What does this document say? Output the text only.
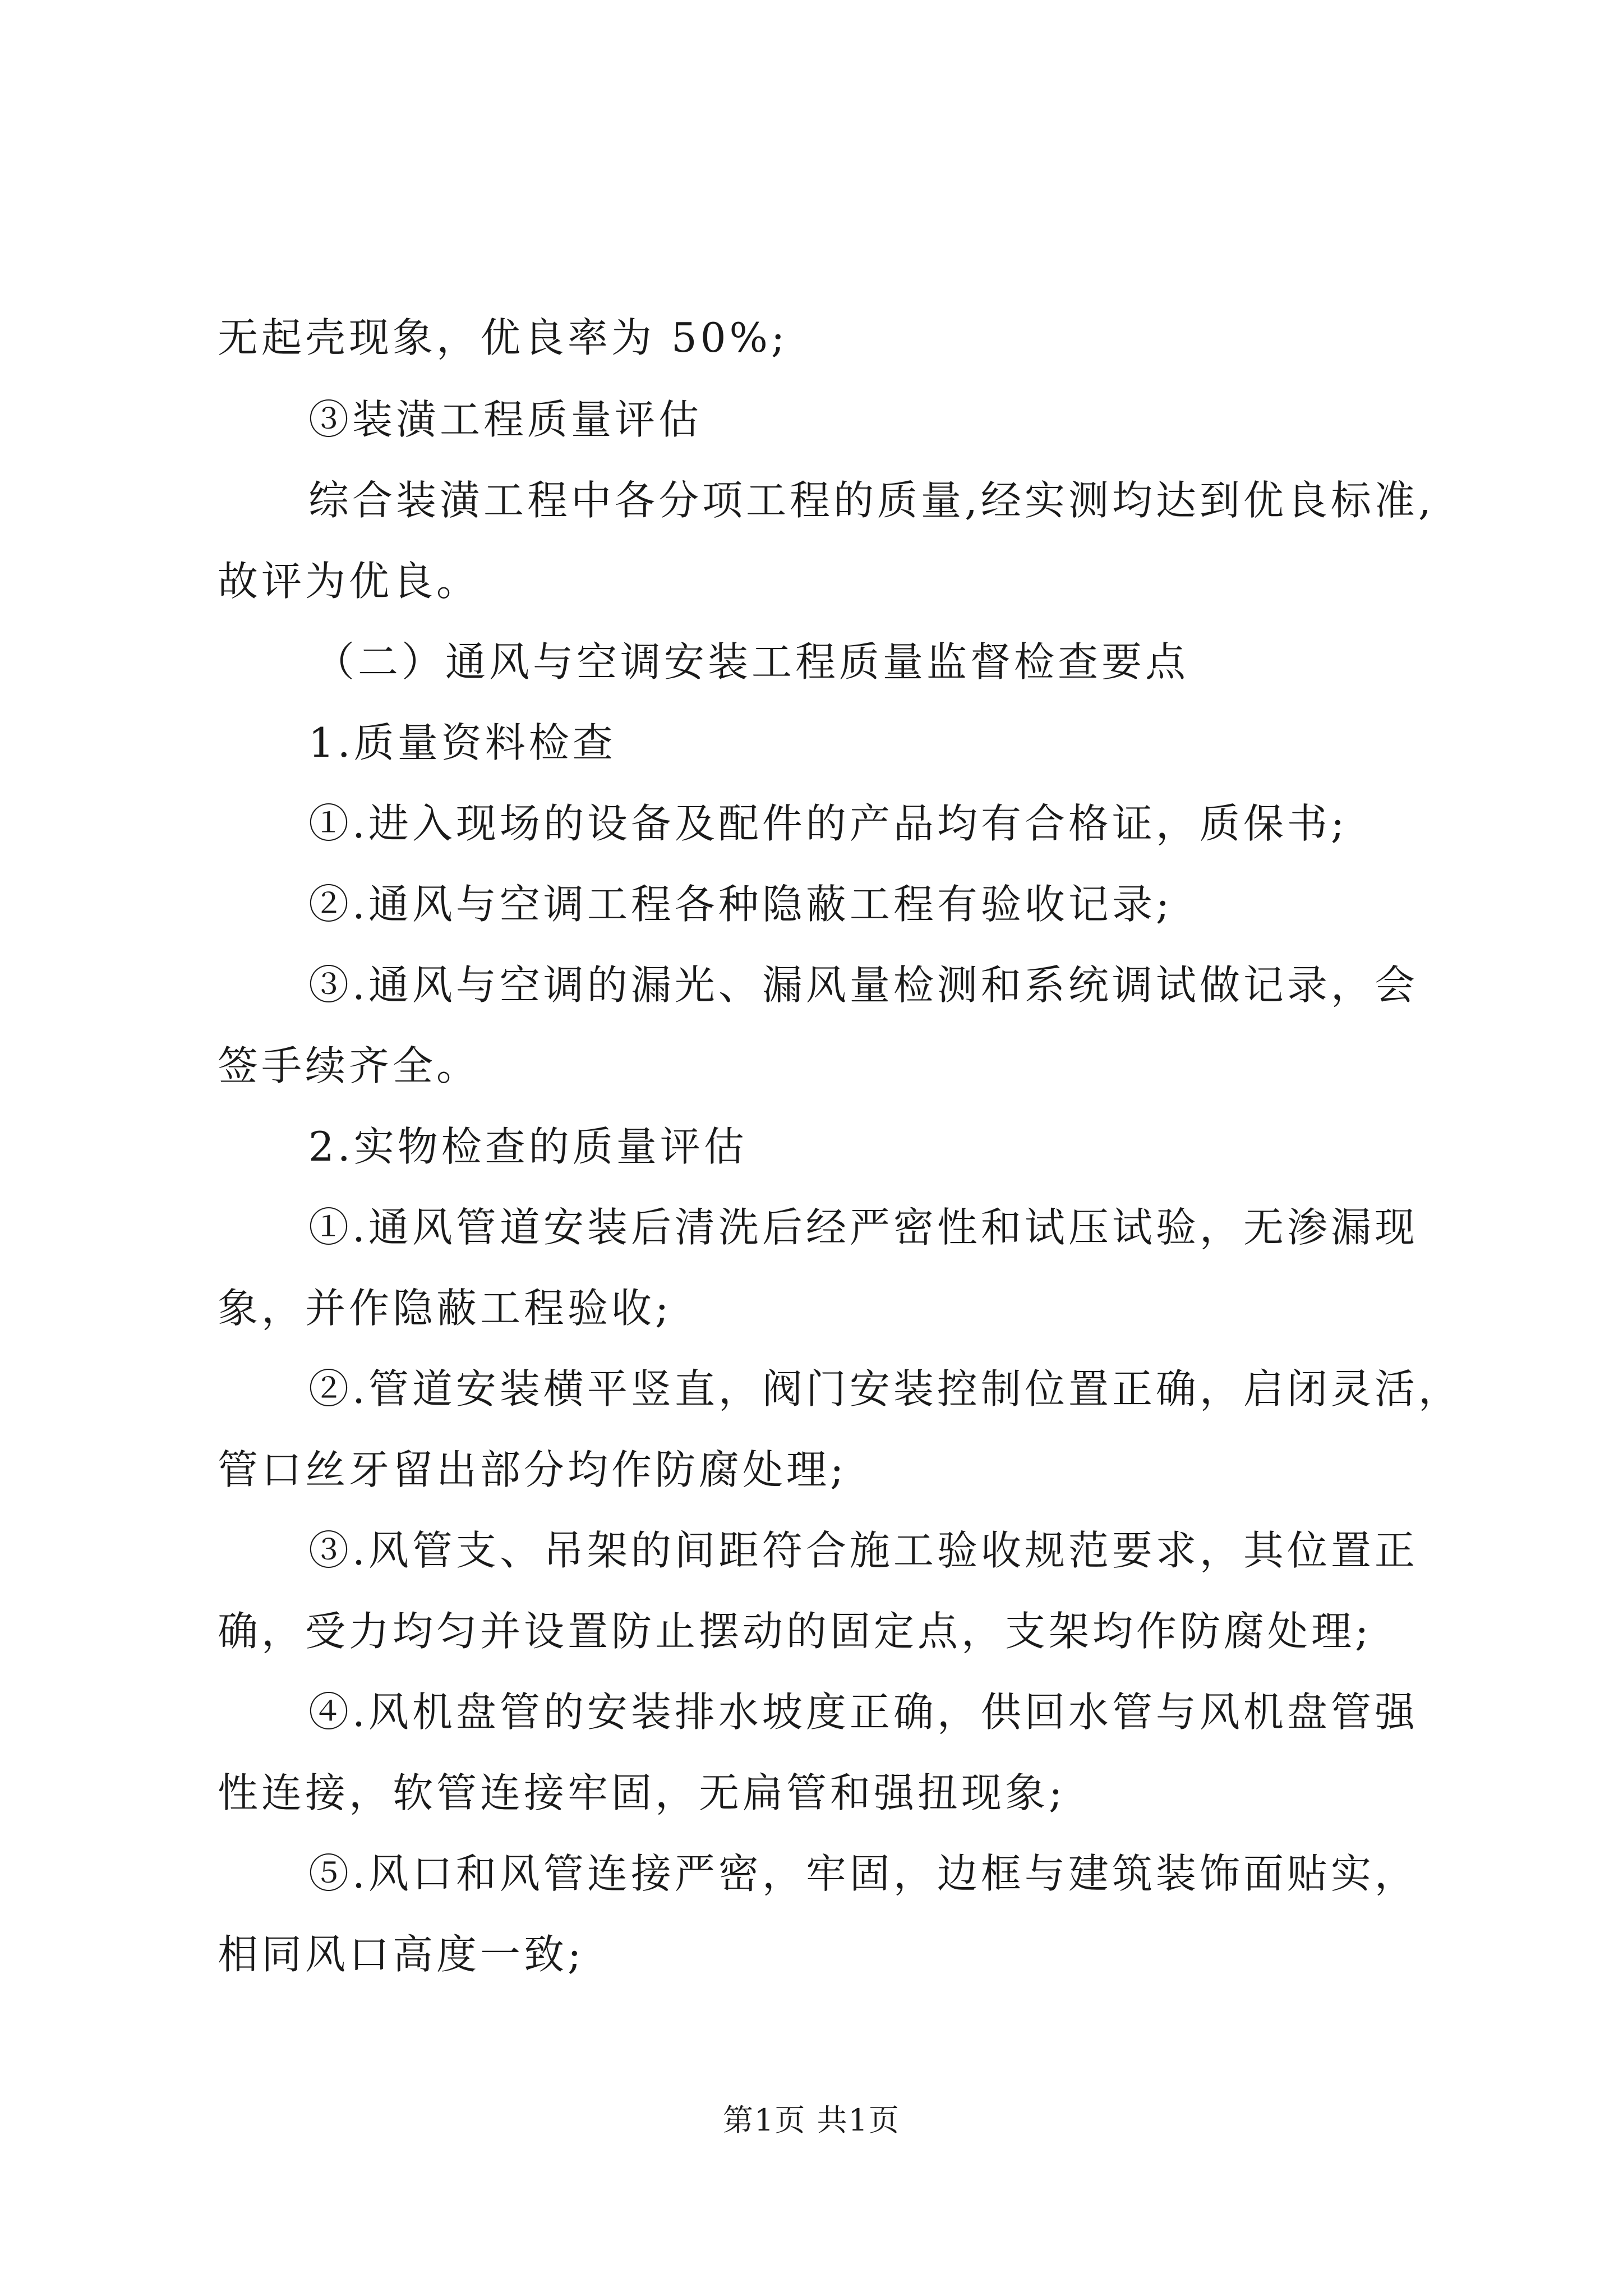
无起壳现象，优良率为 50%;
③装潢工程质量评估
综合装潢工程中各分项工程的质量,经实测均达到优良标准,
故评为优良。
（二）通风与空调安装工程质量监督检查要点
1.质量资料检查
①.进入现场的设备及配件的产品均有合格证，质保书;
②.通风与空调工程各种隐蔽工程有验收记录;
③.通风与空调的漏光、漏风量检测和系统调试做记录，会
签手续齐全。
2.实物检查的质量评估
①.通风管道安装后清洗后经严密性和试压试验，无渗漏现
象，并作隐蔽工程验收;
②.管道安装横平竖直，阀门安装控制位置正确，启闭灵活，
管口丝牙留出部分均作防腐处理;
③.风管支、吊架的间距符合施工验收规范要求，其位置正
确，受力均匀并设置防止摆动的固定点，支架均作防腐处理;
④.风机盘管的安装排水坡度正确，供回水管与风机盘管强
性连接，软管连接牢固，无扁管和强扭现象;
⑤.风口和风管连接严密，牢固，边框与建筑装饰面贴实，
相同风口高度一致;
第1页 共1页
